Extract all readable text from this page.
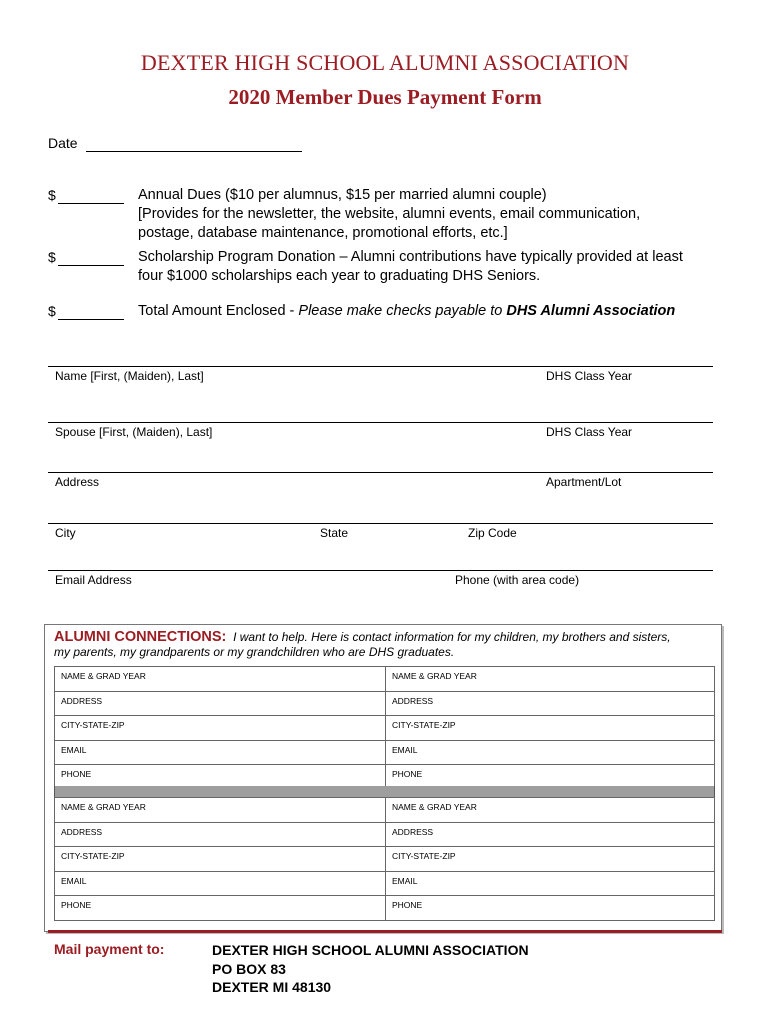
DEXTER HIGH SCHOOL ALUMNI ASSOCIATION
2020 Member Dues Payment Form
Date
$	Annual Dues ($10 per alumnus, $15 per married alumni couple)
[Provides for the newsletter, the website, alumni events, email communication,
postage, database maintenance, promotional efforts, etc.]
$	Scholarship Program Donation – Alumni contributions have typically provided at least
four $1000 scholarships each year to graduating DHS Seniors.
$	Total Amount Enclosed - Please make checks payable to DHS Alumni Association
Name [First, (Maiden), Last]	DHS Class Year
Spouse [First, (Maiden), Last]	DHS Class Year
Address	Apartment/Lot
City	State	Zip Code
Email Address	Phone (with area code)
ALUMNI CONNECTIONS: I want to help. Here is contact information for my children, my brothers and sisters,
my parents, my grandparents or my grandchildren who are DHS graduates.
NAME & GRAD YEAR	NAME & GRAD YEAR
ADDRESS	ADDRESS
CITY-STATE-ZIP	CITY-STATE-ZIP
EMAIL	EMAIL
PHONE	PHONE
NAME & GRAD YEAR	NAME & GRAD YEAR
ADDRESS	ADDRESS
CITY-STATE-ZIP	CITY-STATE-ZIP
EMAIL	EMAIL
PHONE	PHONE
Mail payment to:	DEXTER HIGH SCHOOL ALUMNI ASSOCIATION
PO BOX 83
DEXTER MI 48130
